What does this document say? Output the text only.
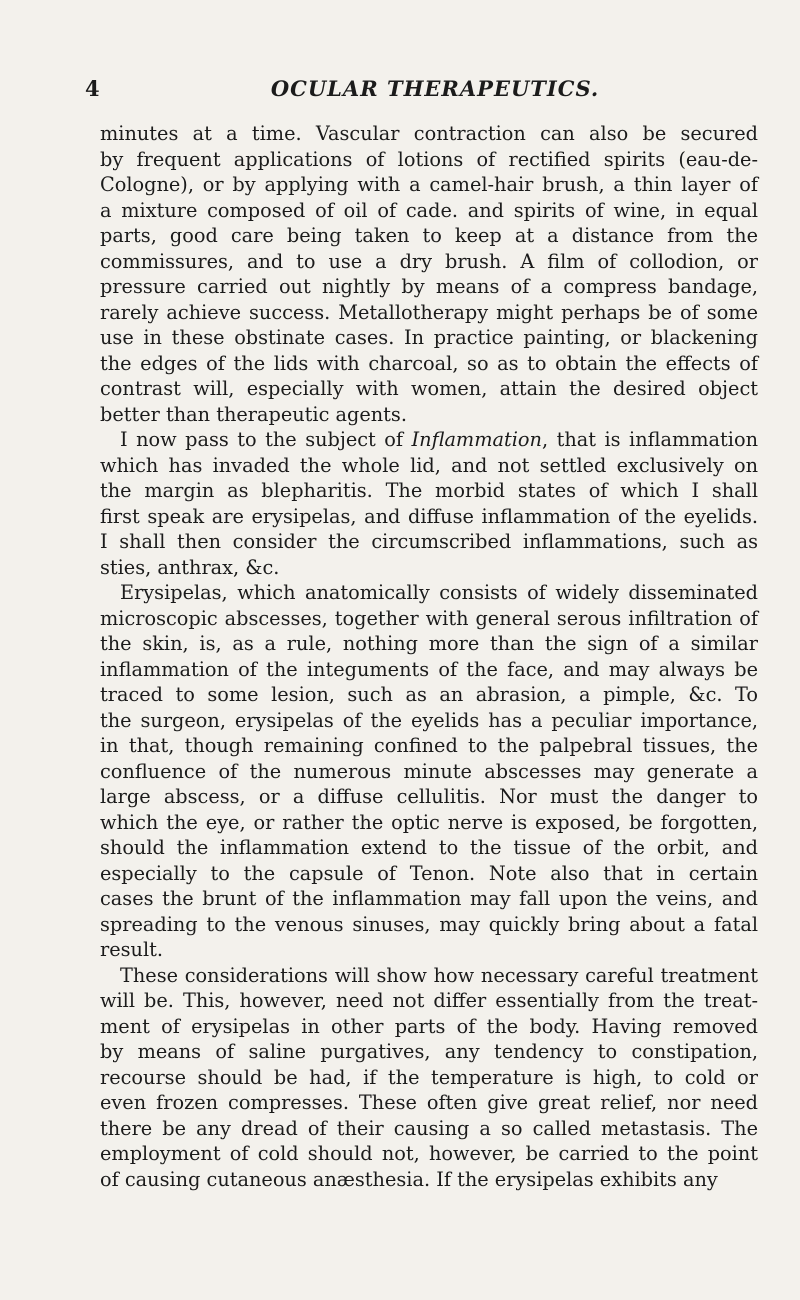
4	OCULAR THERAPEUTICS.
minutes at a time. Vascular contraction can also be secured
by frequent applications of lotions of rectified spirits (eau-de-
Cologne), or by applying with a camel-hair brush, a thin layer of
a mixture composed of oil of cade. and spirits of wine, in equal
parts, good care being taken to keep at a distance from the
commissures, and to use a dry brush. A film of collodion, or
pressure carried out nightly by means of a compress bandage,
rarely achieve success. Metallotherapy might perhaps be of some
use in these obstinate cases. In practice painting, or blackening
the edges of the lids with charcoal, so as to obtain the effects of
contrast will, especially with women, attain the desired object
better than therapeutic agents.
I now pass to the subject of Inflammation, that is inflammation
which has invaded the whole lid, and not settled exclusively on
the margin as blepharitis. The morbid states of which I shall
first speak are erysipelas, and diffuse inflammation of the eyelids.
I shall then consider the circumscribed inflammations, such as
sties, anthrax, &c.
Erysipelas, which anatomically consists of widely disseminated
microscopic abscesses, together with general serous infiltration of
the skin, is, as a rule, nothing more than the sign of a similar
inflammation of the integuments of the face, and may always be
traced to some lesion, such as an abrasion, a pimple, &c. To
the surgeon, erysipelas of the eyelids has a peculiar importance,
in that, though remaining confined to the palpebral tissues, the
confluence of the numerous minute abscesses may generate a
large abscess, or a diffuse cellulitis. Nor must the danger to
which the eye, or rather the optic nerve is exposed, be forgotten,
should the inflammation extend to the tissue of the orbit, and
especially to the capsule of Tenon. Note also that in certain
cases the brunt of the inflammation may fall upon the veins, and
spreading to the venous sinuses, may quickly bring about a fatal
result.
These considerations will show how necessary careful treatment
will be. This, however, need not differ essentially from the treat-
ment of erysipelas in other parts of the body. Having removed
by means of saline purgatives, any tendency to constipation,
recourse should be had, if the temperature is high, to cold or
even frozen compresses. These often give great relief, nor need
there be any dread of their causing a so called metastasis. The
employment of cold should not, however, be carried to the point
of causing cutaneous anæsthesia. If the erysipelas exhibits any
